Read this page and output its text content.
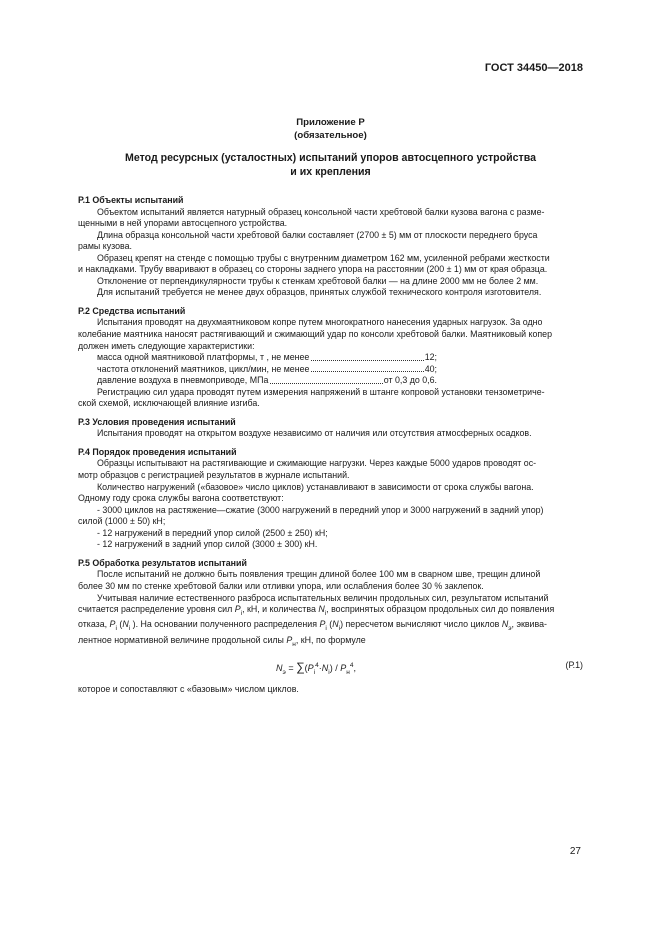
ГОСТ 34450—2018
Приложение Р
(обязательное)
Метод ресурсных (усталостных) испытаний упоров автосцепного устройства
и их крепления

Р.1 Объекты испытаний

Объектом испытаний является натурный образец консольной части хребтовой балки кузова вагона с разме-

щенными в ней упорами автосцепного устройства.

Длина образца консольной части хребтовой балки составляет (2700 ± 5) мм от плоскости переднего бруса

рамы кузова.

Образец крепят на стенде с помощью трубы с внутренним диаметром 162 мм, усиленной ребрами жесткости

и накладками. Трубу вваривают в образец со стороны заднего упора на расстоянии (200 ± 1) мм от края образца.

Отклонение от перпендикулярности трубы к стенкам хребтовой балки — на длине 2000 мм не более 2 мм.

Для испытаний требуется не менее двух образцов, принятых службой технического контроля изготовителя.

Р.2 Средства испытаний

Испытания проводят на двухмаятниковом копре путем многократного нанесения ударных нагрузок. За одно

колебание маятника наносят растягивающий и сжимающий удар по консоли хребтовой балки. Маятниковый копер

должен иметь следующие характеристики:

масса одной маятниковой платформы, т , не менее	12;
частота отклонений маятников, цикл/мин, не менее	40;
давление воздуха в пневмоприводе, МПа	от 0,3 до 0,6.

Регистрацию сил удара проводят путем измерения напряжений в штанге копровой установки тензометриче-

ской схемой, исключающей влияние изгиба.

Р.3 Условия проведения испытаний

Испытания проводят на открытом воздухе независимо от наличия или отсутствия атмосферных осадков.

Р.4 Порядок проведения испытаний

Образцы испытывают на растягивающие и сжимающие нагрузки. Через каждые 5000 ударов проводят ос-

мотр образцов с регистрацией результатов в журнале испытаний.

Количество нагружений («базовое» число циклов) устанавливают в зависимости от срока службы вагона.

Одному году срока службы вагона соответствуют:

- 3000 циклов на растяжение—сжатие (3000 нагружений в передний упор и 3000 нагружений в задний упор)

силой (1000 ± 50) кН;

- 12 нагружений в передний упор силой (2500 ± 250) кН;

- 12 нагружений в задний упор силой (3000 ± 300) кН.

Р.5 Обработка результатов испытаний

После испытаний не должно быть появления трещин длиной более 100 мм в сварном шве, трещин длиной

более 30 мм по стенке хребтовой балки или отливки упора, или ослабления более 30 % заклепок.

Учитывая наличие естественного разброса испытательных величин продольных сил, результатом испытаний

считается распределение уровня сил $P_i$, кН, и количества $N_i$, воспринятых образцом продольных сил до появления

отказа, $P_i$ ($N_i$ ). На основании полученного распределения $P_i$ $(N_i)$ пересчетом вычисляют число циклов $N_э$, эквива-

лентное нормативной величине продольной силы $P_н$, кН, по формуле

$N_э = \sum(P_i^4\cdot N_i) / P_н^4$,	(Р.1)

которое и сопоставляют с «базовым» числом циклов.

27
